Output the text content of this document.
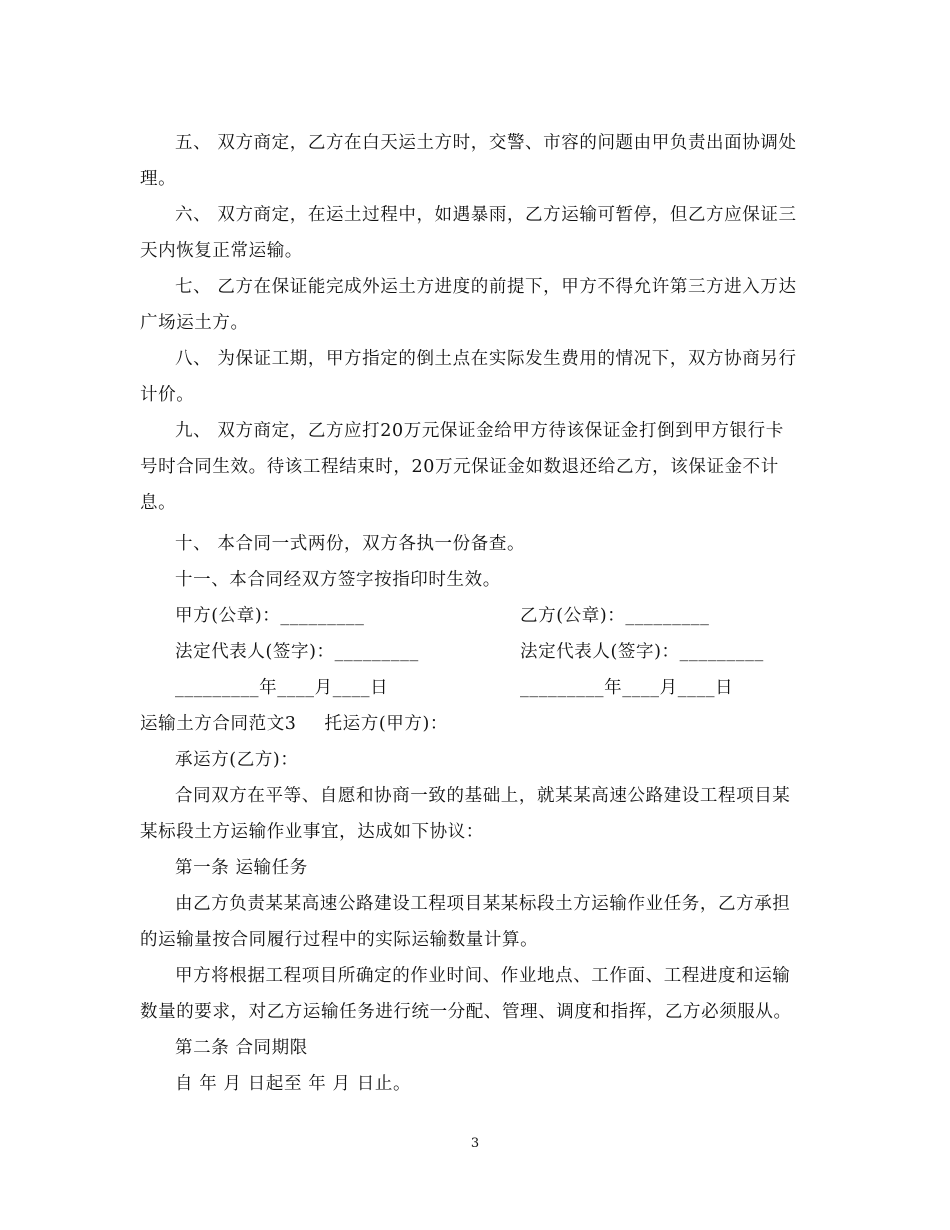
五、 双方商定，乙方在白天运土方时，交警、市容的问题由甲负责出面协调处理。

六、 双方商定，在运土过程中，如遇暴雨，乙方运输可暂停，但乙方应保证三天内恢复正常运输。

七、 乙方在保证能完成外运土方进度的前提下，甲方不得允许第三方进入万达广场运土方。

八、 为保证工期，甲方指定的倒土点在实际发生费用的情况下，双方协商另行计价。

九、 双方商定，乙方应打20万元保证金给甲方待该保证金打倒到甲方银行卡号时合同生效。待该工程结束时，20万元保证金如数退还给乙方，该保证金不计息。

十、 本合同一式两份，双方各执一份备查。

十一、本合同经双方签字按指印时生效。

甲方(公章)：_________	乙方(公章)：_________

法定代表人(签字)：_________	法定代表人(签字)：_________

_________年____月____日	_________年____月____日

运输土方合同范文3 托运方(甲方)：

承运方(乙方)：

合同双方在平等、自愿和协商一致的基础上，就某某高速公路建设工程项目某某标段土方运输作业事宜，达成如下协议：

第一条 运输任务

由乙方负责某某高速公路建设工程项目某某标段土方运输作业任务，乙方承担的运输量按合同履行过程中的实际运输数量计算。

甲方将根据工程项目所确定的作业时间、作业地点、工作面、工程进度和运输数量的要求，对乙方运输任务进行统一分配、管理、调度和指挥，乙方必须服从。

第二条 合同期限

自 年 月 日起至 年 月 日止。

3
